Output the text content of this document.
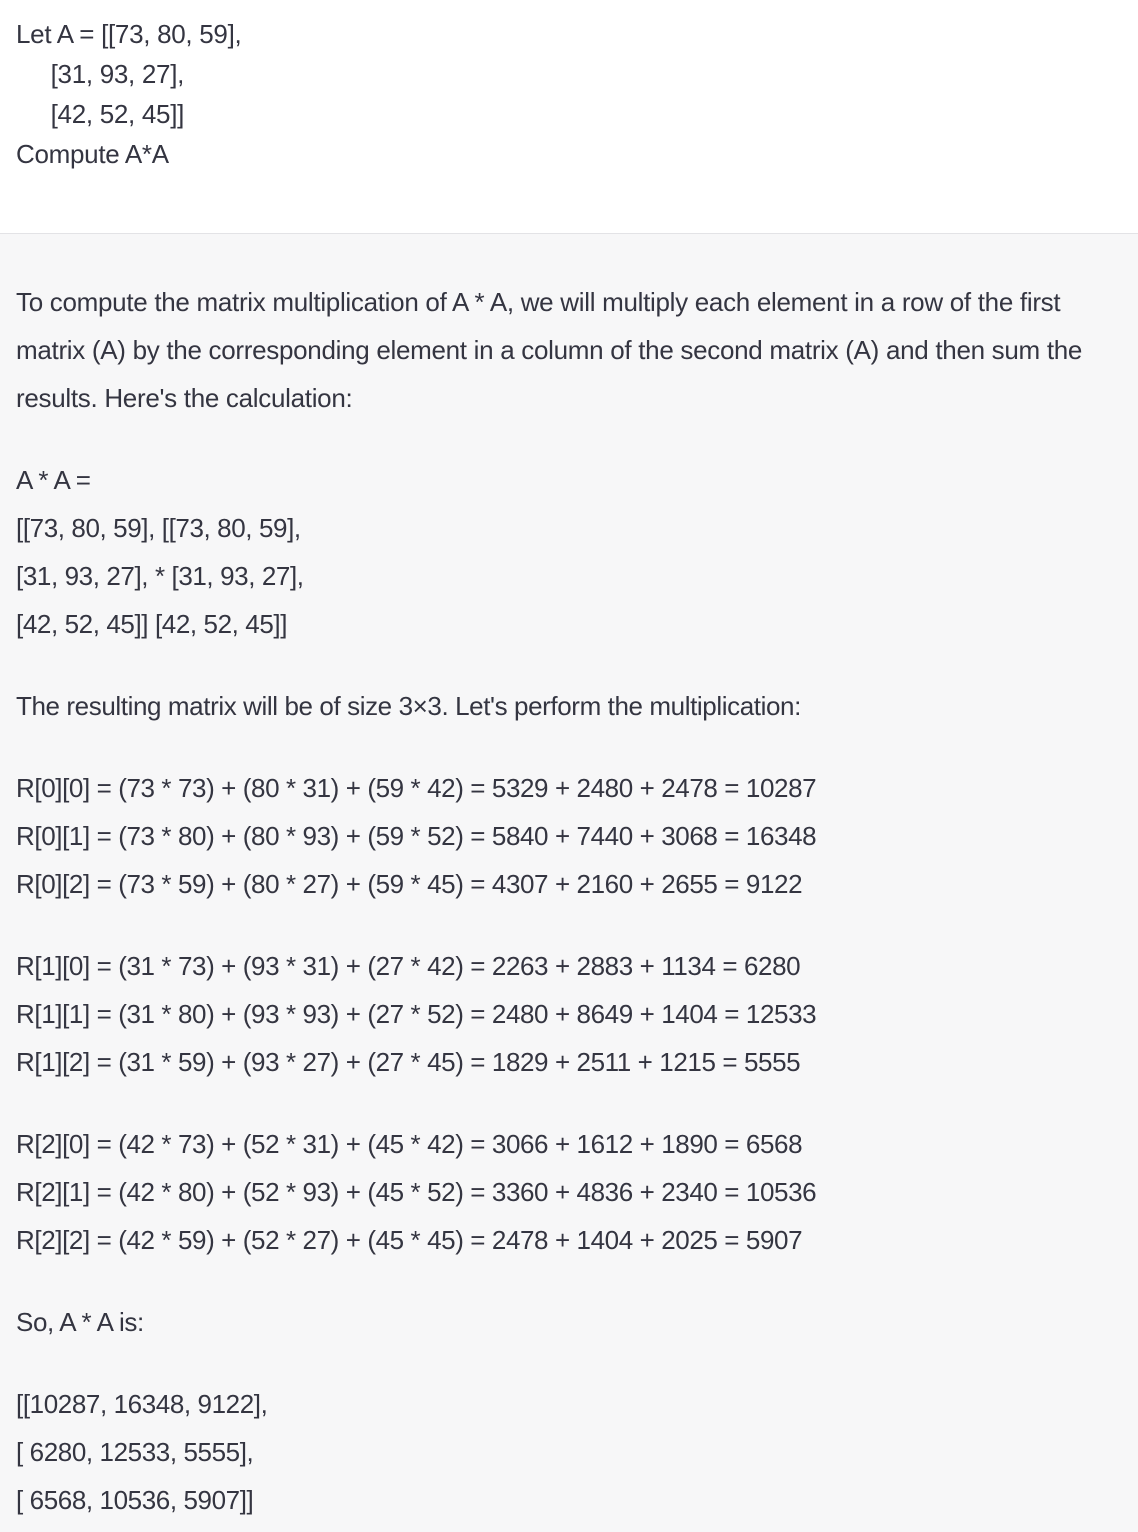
Let A = [[73, 80, 59],
[31, 93, 27],
[42, 52, 45]]
Compute A*A
To compute the matrix multiplication of A * A, we will multiply each element in a row of the first matrix (A) by the corresponding element in a column of the second matrix (A) and then sum the results. Here's the calculation:
A * A =
[[73, 80, 59], [[73, 80, 59],
[31, 93, 27], * [31, 93, 27],
[42, 52, 45]] [42, 52, 45]]
The resulting matrix will be of size 3×3. Let's perform the multiplication:
R[0][0] = (73 * 73) + (80 * 31) + (59 * 42) = 5329 + 2480 + 2478 = 10287
R[0][1] = (73 * 80) + (80 * 93) + (59 * 52) = 5840 + 7440 + 3068 = 16348
R[0][2] = (73 * 59) + (80 * 27) + (59 * 45) = 4307 + 2160 + 2655 = 9122
R[1][0] = (31 * 73) + (93 * 31) + (27 * 42) = 2263 + 2883 + 1134 = 6280
R[1][1] = (31 * 80) + (93 * 93) + (27 * 52) = 2480 + 8649 + 1404 = 12533
R[1][2] = (31 * 59) + (93 * 27) + (27 * 45) = 1829 + 2511 + 1215 = 5555
R[2][0] = (42 * 73) + (52 * 31) + (45 * 42) = 3066 + 1612 + 1890 = 6568
R[2][1] = (42 * 80) + (52 * 93) + (45 * 52) = 3360 + 4836 + 2340 = 10536
R[2][2] = (42 * 59) + (52 * 27) + (45 * 45) = 2478 + 1404 + 2025 = 5907
So, A * A is:
[[10287, 16348, 9122],
[ 6280, 12533, 5555],
[ 6568, 10536, 5907]]
